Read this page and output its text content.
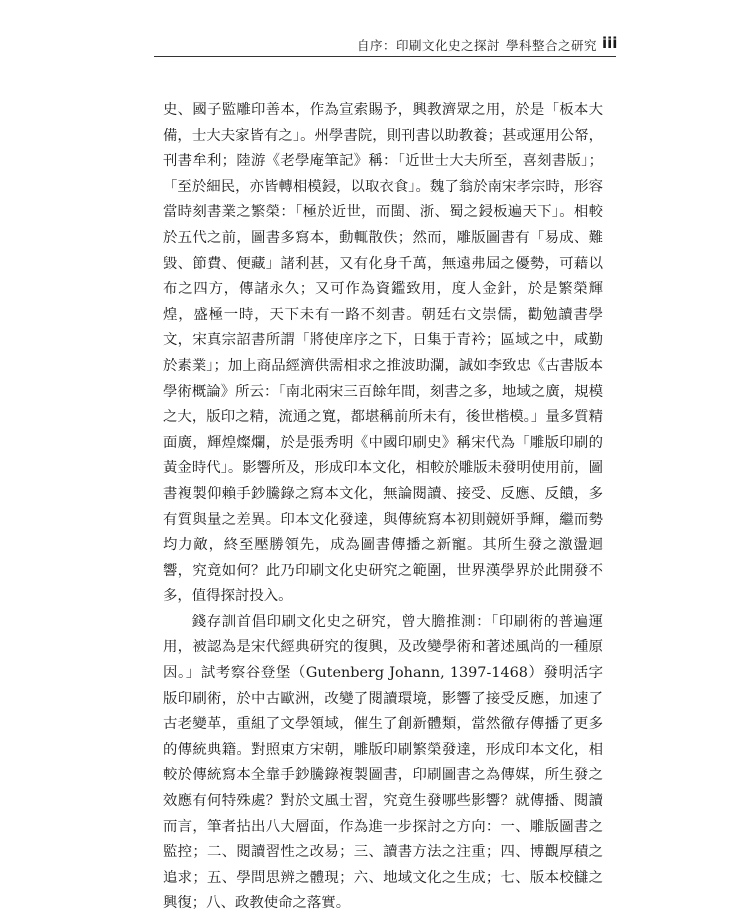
自序：印刷文化史之探討 學科整合之研究 iii

史、國子監雕印善本，作為宣索賜予，興教濟眾之用，於是「板本大備，士大夫家皆有之」。州學書院，則刊書以助教養；甚或運用公帑，刊書牟利；陸游《老學庵筆記》稱：「近世士大夫所至，喜刻書版」；「至於細民，亦皆轉相模鋟，以取衣食」。魏了翁於南宋孝宗時，形容當時刻書業之繁榮：「極於近世，而閩、浙、蜀之鋟板遍天下」。相較於五代之前，圖書多寫本，動輒散佚；然而，雕版圖書有「易成、難毀、節費、便藏」諸利甚，又有化身千萬，無遠弗屆之優勢，可藉以布之四方，傳諸永久；又可作為資鑑致用，度人金針，於是繁榮輝煌，盛極一時，天下未有一路不刻書。朝廷右文崇儒，勸勉讀書學文，宋真宗詔書所謂「將使庠序之下，日集于青衿；區域之中，咸勤於素業」；加上商品經濟供需相求之推波助瀾，誠如李致忠《古書版本學術概論》所云：「南北兩宋三百餘年間，刻書之多，地域之廣，規模之大，版印之精，流通之寬，都堪稱前所未有，後世楷模。」量多質精面廣，輝煌燦爛，於是張秀明《中國印刷史》稱宋代為「雕版印刷的黃金時代」。影響所及，形成印本文化，相較於雕版未發明使用前，圖書複製仰賴手鈔騰錄之寫本文化，無論閱讀、接受、反應、反饋，多有質與量之差異。印本文化發達，與傳統寫本初則競妍爭輝，繼而勢均力敵，終至壓勝領先，成為圖書傳播之新寵。其所生發之激盪迴響，究竟如何？此乃印刷文化史研究之範圍，世界漢學界於此開發不多，值得探討投入。

錢存訓首倡印刷文化史之研究，曾大膽推測：「印刷術的普遍運用，被認為是宋代經典研究的復興，及改變學術和著述風尚的一種原因。」試考察谷登堡（Gutenberg Johann, 1397-1468）發明活字版印刷術，於中古歐洲，改變了閱讀環境，影響了接受反應，加速了古老變革，重組了文學領域，催生了創新體類，當然徹存傳播了更多的傳統典籍。對照東方宋朝，雕版印刷繁榮發達，形成印本文化，相較於傳統寫本全靠手鈔騰錄複製圖書，印刷圖書之為傳媒，所生發之效應有何特殊處？對於文風士習，究竟生發哪些影響？就傳播、閱讀而言，筆者拈出八大層面，作為進一步探討之方向：一、雕版圖書之監控；二、閱讀習性之改易；三、讀書方法之注重；四、博觀厚積之追求；五、學問思辨之體現；六、地域文化之生成；七、版本校讎之興復；八、政教使命之落實。
